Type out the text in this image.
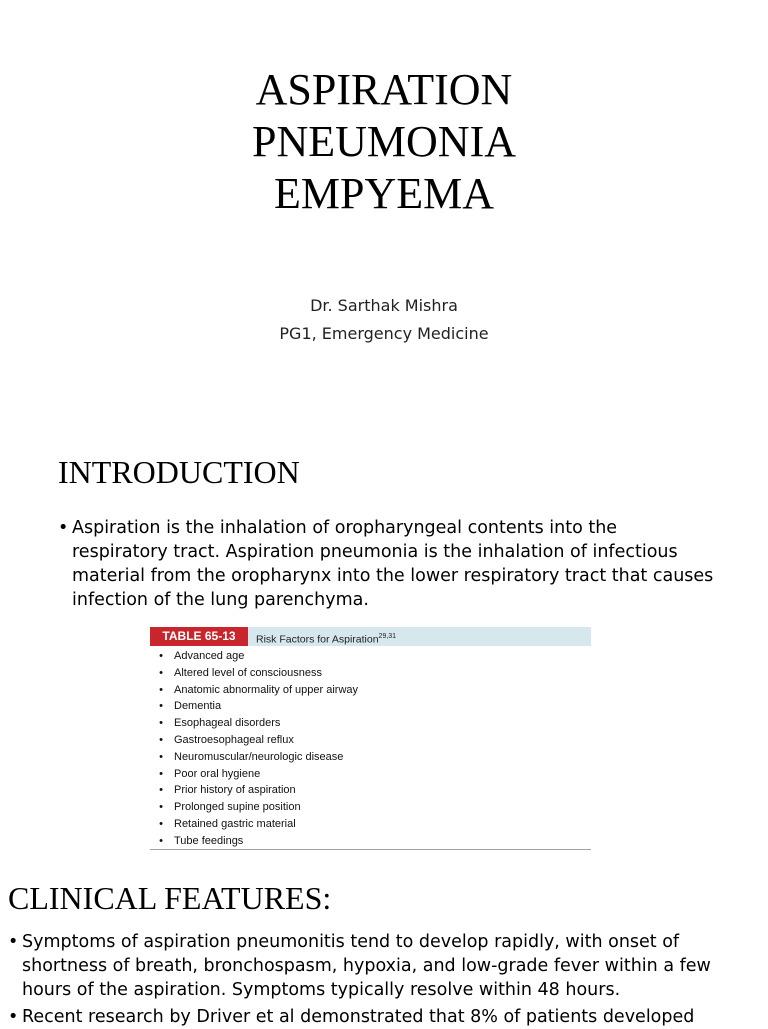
ASPIRATION
PNEUMONIA
EMPYEMA
Dr. Sarthak Mishra
PG1, Emergency Medicine
INTRODUCTION
• Aspiration is the inhalation of oropharyngeal contents into the respiratory tract. Aspiration pneumonia is the inhalation of infectious material from the oropharynx into the lower respiratory tract that causes infection of the lung parenchyma.
TABLE 65-13	Risk Factors for Aspiration$^{29,31}$
•	Advanced age
•	Altered level of consciousness
•	Anatomic abnormality of upper airway
•	Dementia
•	Esophageal disorders
•	Gastroesophageal reflux
•	Neuromuscular/neurologic disease
•	Poor oral hygiene
•	Prior history of aspiration
•	Prolonged supine position
•	Retained gastric material
•	Tube feedings
CLINICAL FEATURES:
• Symptoms of aspiration pneumonitis tend to develop rapidly, with onset of shortness of breath, bronchospasm, hypoxia, and low-grade fever within a few hours of the aspiration. Symptoms typically resolve within 48 hours.
• Recent research by Driver et al demonstrated that 8% of patients developed
